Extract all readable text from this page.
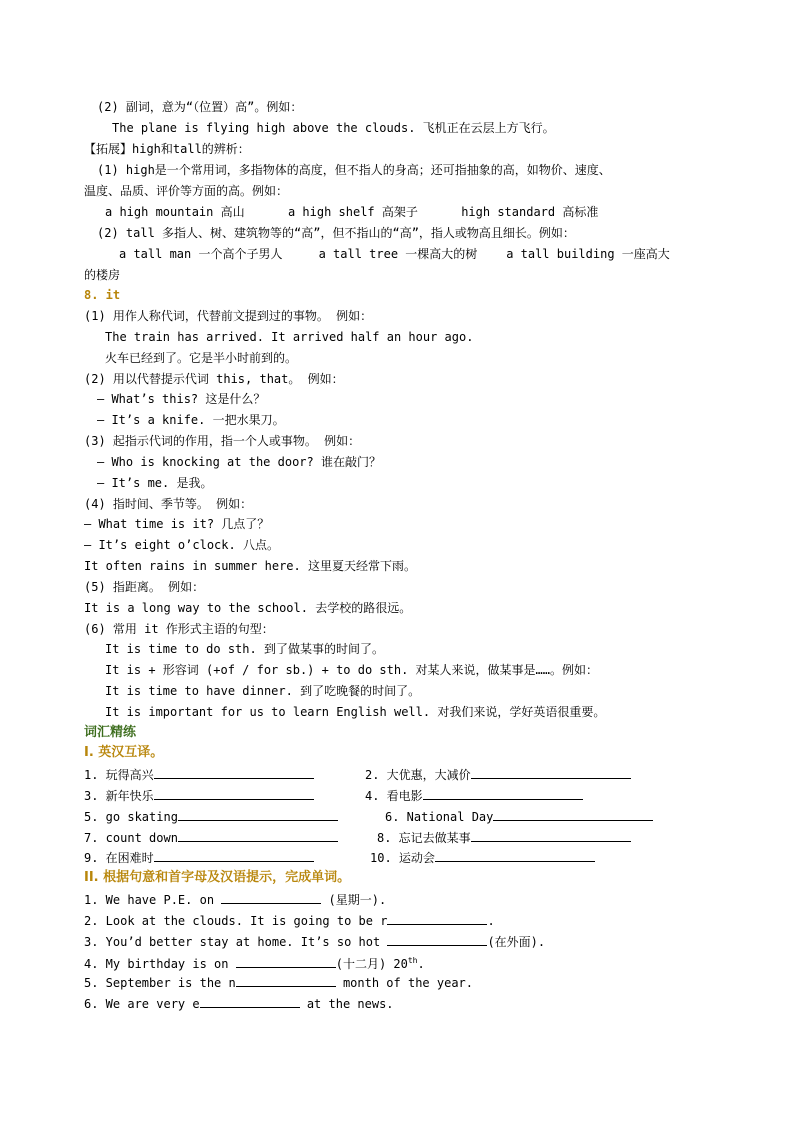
(2) 副词，意为“（位置）高”。例如：
The plane is flying high above the clouds. 飞机正在云层上方飞行。
【拓展】high和tall的辨析：
(1) high是一个常用词，多指物体的高度，但不指人的身高；还可指抽象的高，如物价、速度、
温度、品质、评价等方面的高。例如：
a high mountain 高山      a high shelf 高架子      high standard 高标准
(2) tall 多指人、树、建筑物等的“高”，但不指山的“高”，指人或物高且细长。例如：
a tall man 一个高个子男人     a tall tree 一棵高大的树    a tall building 一座高大
的楼房
8. it
(1) 用作人称代词，代替前文提到过的事物。 例如：
The train has arrived. It arrived half an hour ago.
火车已经到了。它是半小时前到的。
(2) 用以代替提示代词 this, that。 例如：
— What’s this? 这是什么？
— It’s a knife. 一把水果刀。
(3) 起指示代词的作用，指一个人或事物。 例如：
— Who is knocking at the door? 谁在敲门？
— It’s me. 是我。
(4) 指时间、季节等。 例如：
— What time is it? 几点了？
— It’s eight o’clock. 八点。
It often rains in summer here. 这里夏天经常下雨。
(5) 指距离。 例如：
It is a long way to the school. 去学校的路很远。
(6) 常用 it 作形式主语的句型：
It is time to do sth. 到了做某事的时间了。
It is + 形容词 (+of / for sb.) + to do sth. 对某人来说，做某事是……。例如：
It is time to have dinner. 到了吃晚餐的时间了。
It is important for us to learn English well. 对我们来说，学好英语很重要。
词汇精练
I. 英汉互译。
1. 玩得高兴	2. 大优惠，大减价
3. 新年快乐	4. 看电影
5. go skating	6. National Day
7. count down	8. 忘记去做某事
9. 在困难时	10. 运动会
II. 根据句意和首字母及汉语提示，完成单词。
1. We have P.E. on	(星期一).
2. Look at the clouds. It is going to be r	.
3. You’d better stay at home. It’s so hot	(在外面).
4. My birthday is on	(十二月) 20th.
5. September is the n	month of the year.
6. We are very e	at the news.
